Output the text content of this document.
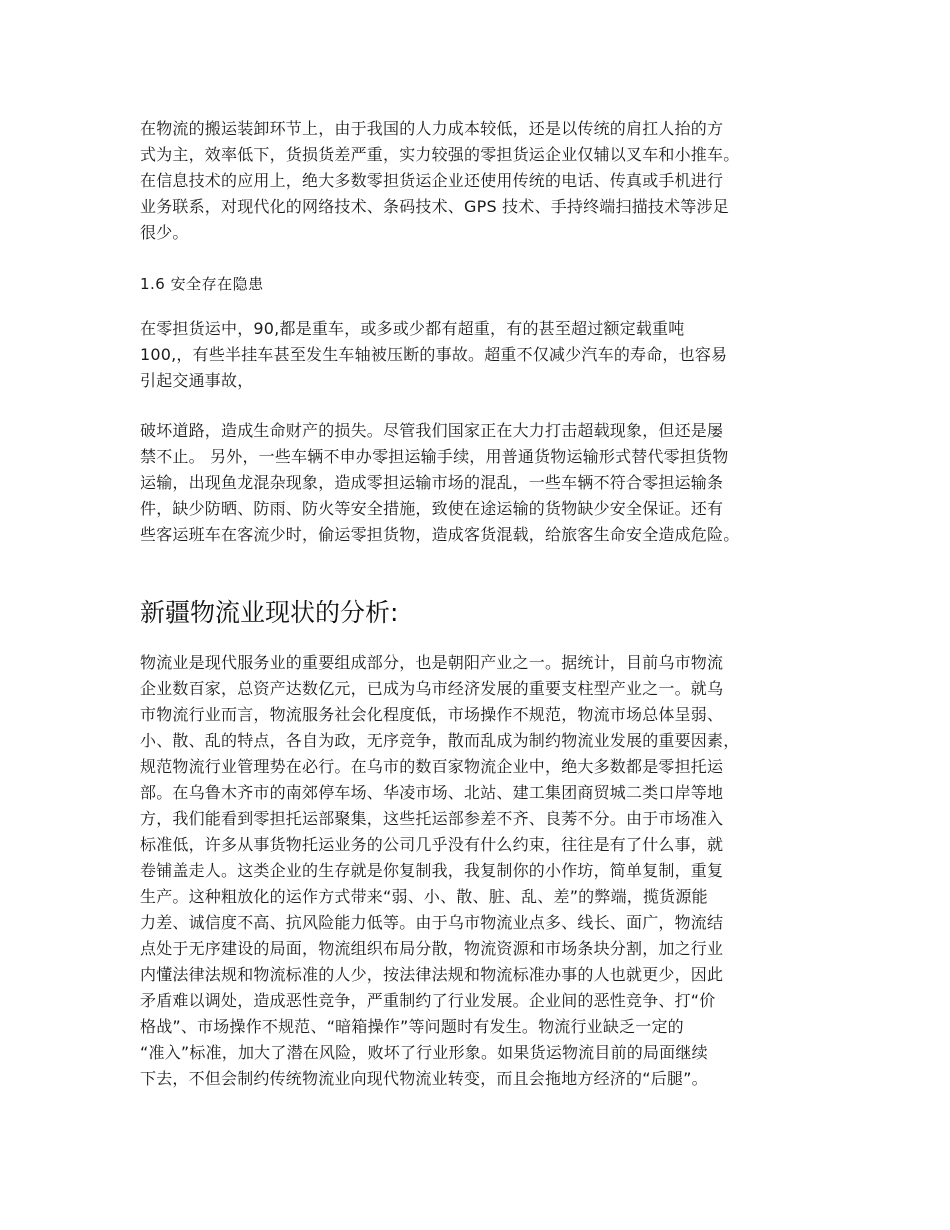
在物流的搬运装卸环节上，由于我国的人力成本较低，还是以传统的肩扛人抬的方
式为主，效率低下，货损货差严重，实力较强的零担货运企业仅辅以叉车和小推车。
在信息技术的应用上，绝大多数零担货运企业还使用传统的电话、传真或手机进行
业务联系，对现代化的网络技术、条码技术、GPS 技术、手持终端扫描技术等涉足
很少。

1.6 安全存在隐患

在零担货运中，90,都是重车，或多或少都有超重，有的甚至超过额定载重吨
100,，有些半挂车甚至发生车轴被压断的事故。超重不仅减少汽车的寿命，也容易
引起交通事故，

破坏道路，造成生命财产的损失。尽管我们国家正在大力打击超载现象，但还是屡
禁不止。 另外，一些车辆不申办零担运输手续，用普通货物运输形式替代零担货物
运输，出现鱼龙混杂现象，造成零担运输市场的混乱，一些车辆不符合零担运输条
件，缺少防晒、防雨、防火等安全措施，致使在途运输的货物缺少安全保证。还有
些客运班车在客流少时，偷运零担货物，造成客货混载，给旅客生命安全造成危险。

新疆物流业现状的分析:

物流业是现代服务业的重要组成部分，也是朝阳产业之一。据统计，目前乌市物流
企业数百家，总资产达数亿元，已成为乌市经济发展的重要支柱型产业之一。就乌
市物流行业而言，物流服务社会化程度低，市场操作不规范，物流市场总体呈弱、
小、散、乱的特点，各自为政，无序竞争，散而乱成为制约物流业发展的重要因素，
规范物流行业管理势在必行。在乌市的数百家物流企业中，绝大多数都是零担托运
部。在乌鲁木齐市的南郊停车场、华凌市场、北站、建工集团商贸城二类口岸等地
方，我们能看到零担托运部聚集，这些托运部参差不齐、良莠不分。由于市场准入
标准低，许多从事货物托运业务的公司几乎没有什么约束，往往是有了什么事，就
卷铺盖走人。这类企业的生存就是你复制我，我复制你的小作坊，简单复制，重复
生产。这种粗放化的运作方式带来“弱、小、散、脏、乱、差”的弊端，揽货源能
力差、诚信度不高、抗风险能力低等。由于乌市物流业点多、线长、面广，物流结
点处于无序建设的局面，物流组织布局分散，物流资源和市场条块分割，加之行业
内懂法律法规和物流标准的人少，按法律法规和物流标准办事的人也就更少，因此
矛盾难以调处，造成恶性竞争，严重制约了行业发展。企业间的恶性竞争、打“价
格战”、市场操作不规范、“暗箱操作”等问题时有发生。物流行业缺乏一定的
“准入”标准，加大了潜在风险，败坏了行业形象。如果货运物流目前的局面继续
下去，不但会制约传统物流业向现代物流业转变，而且会拖地方经济的“后腿”。
